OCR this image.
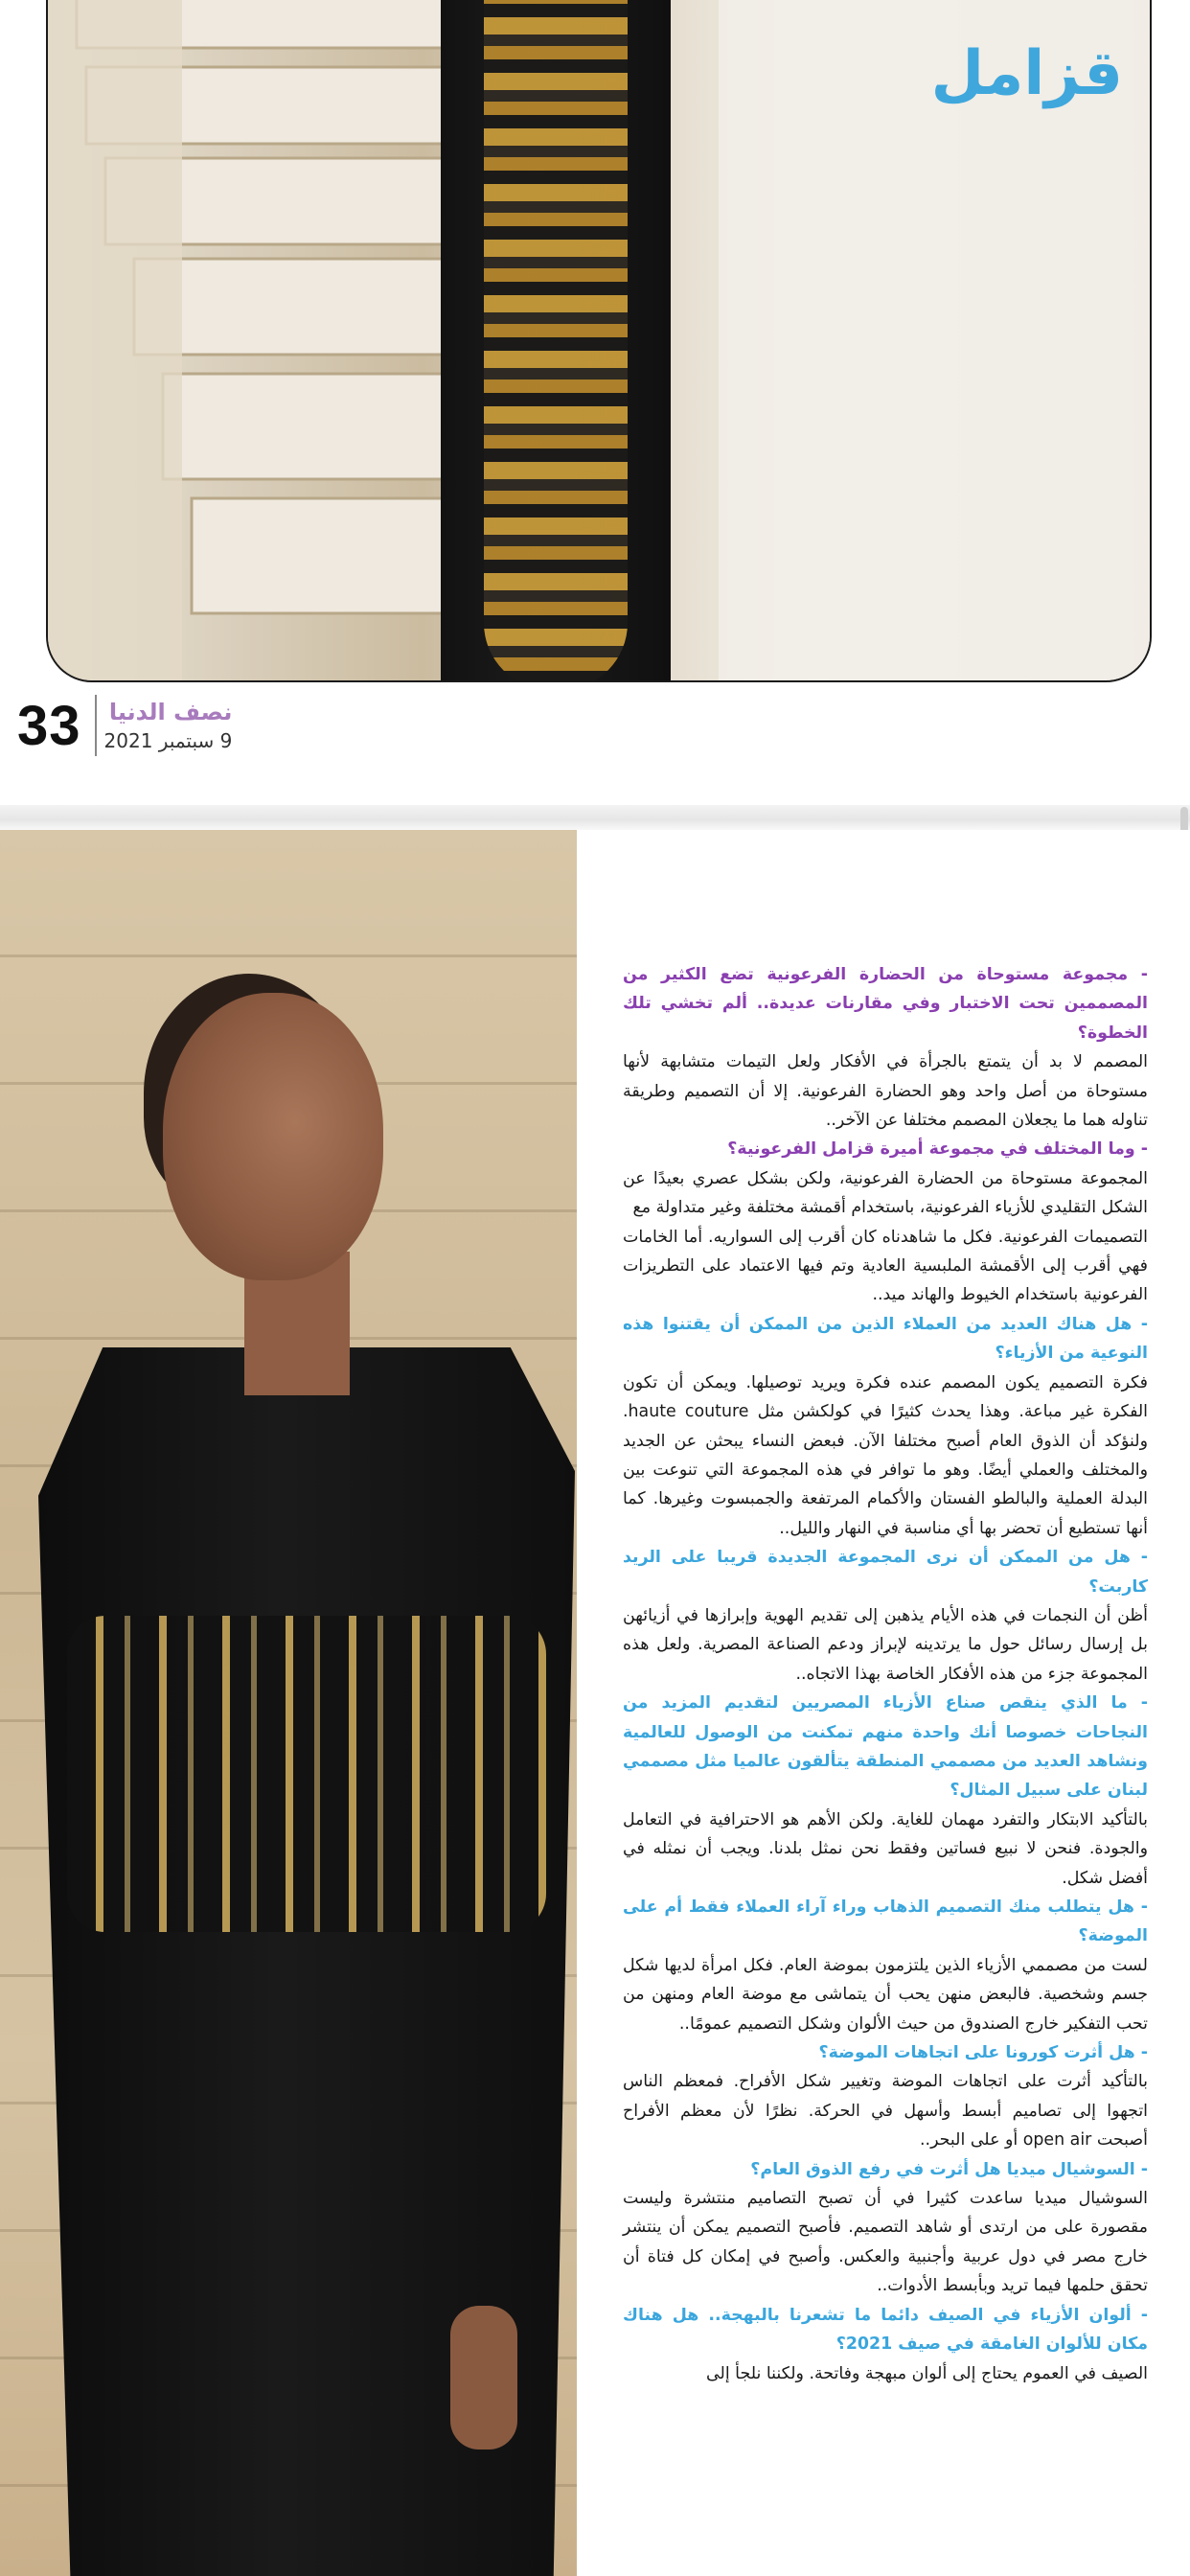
قزامل
33 نصف الدنيا
9 سبتمبر 2021

- مجموعة مستوحاة من الحضارة الفرعونية تضع الكثير من المصممين تحت الاختبار وفي مقارنات عديدة.. ألم تخشي تلك الخطوة؟

المصمم لا بد أن يتمتع بالجرأة في الأفكار ولعل التيمات متشابهة لأنها مستوحاة من أصل واحد وهو الحضارة الفرعونية. إلا أن التصميم وطريقة تناوله هما ما يجعلان المصمم مختلفا عن الآخر..

- وما المختلف في مجموعة أميرة قزامل الفرعونية؟

المجموعة مستوحاة من الحضارة الفرعونية، ولكن بشكل عصري بعيدًا عن الشكل التقليدي للأزياء الفرعونية، باستخدام أقمشة مختلفة وغير متداولة مع

التصميمات الفرعونية. فكل ما شاهدناه كان أقرب إلى السواريه. أما الخامات فهي أقرب إلى الأقمشة الملبسية العادية وتم فيها الاعتماد على التطريزات الفرعونية باستخدام الخيوط والهاند ميد..

- هل هناك العديد من العملاء الذين من الممكن أن يقتنوا هذه النوعية من الأزياء؟

فكرة التصميم يكون المصمم عنده فكرة ويريد توصيلها. ويمكن أن تكون الفكرة غير مباعة. وهذا يحدث كثيرًا في كولكشن مثل haute couture. ولنؤكد أن الذوق العام أصبح مختلفا الآن. فبعض النساء يبحثن عن الجديد والمختلف والعملي أيضًا. وهو ما توافر في هذه المجموعة التي تنوعت بين البدلة العملية والبالطو الفستان والأكمام المرتفعة والجمبسوت وغيرها. كما أنها تستطيع أن تحضر بها أي مناسبة في النهار والليل..

- هل من الممكن أن نرى المجموعة الجديدة قريبا على الريد كاربت؟

أظن أن النجمات في هذه الأيام يذهبن إلى تقديم الهوية وإبرازها في أزيائهن بل إرسال رسائل حول ما يرتدينه لإبراز ودعم الصناعة المصرية. ولعل هذه المجموعة جزء من هذه الأفكار الخاصة بهذا الاتجاه..

- ما الذي ينقص صناع الأزياء المصريين لتقديم المزيد من النجاحات خصوصا أنك واحدة منهم تمكنت من الوصول للعالمية ونشاهد العديد من مصممي المنطقة يتألقون عالميا مثل مصممي لبنان على سبيل المثال؟

بالتأكيد الابتكار والتفرد مهمان للغاية. ولكن الأهم هو الاحترافية في التعامل والجودة. فنحن لا نبيع فساتين وفقط نحن نمثل بلدنا. ويجب أن نمثله في أفضل شكل.

- هل يتطلب منك التصميم الذهاب وراء آراء العملاء فقط أم على الموضة؟

لست من مصممي الأزياء الذين يلتزمون بموضة العام. فكل امرأة لديها شكل جسم وشخصية. فالبعض منهن يحب أن يتماشى مع موضة العام ومنهن من تحب التفكير خارج الصندوق من حيث الألوان وشكل التصميم عمومًا..

- هل أثرت كورونا على اتجاهات الموضة؟

بالتأكيد أثرت على اتجاهات الموضة وتغيير شكل الأفراح. فمعظم الناس اتجهوا إلى تصاميم أبسط وأسهل في الحركة. نظرًا لأن معظم الأفراح أصبحت open air أو على البحر..

- السوشيال ميديا هل أثرت في رفع الذوق العام؟

السوشيال ميديا ساعدت كثيرا في أن تصبح التصاميم منتشرة وليست مقصورة على من ارتدى أو شاهد التصميم. فأصبح التصميم يمكن أن ينتشر خارج مصر في دول عربية وأجنبية والعكس. وأصبح في إمكان كل فتاة أن تحقق حلمها فيما تريد وبأبسط الأدوات..

- ألوان الأزياء في الصيف دائما ما تشعرنا بالبهجة.. هل هناك مكان للألوان الغامقة في صيف 2021؟

الصيف في العموم يحتاج إلى ألوان مبهجة وفاتحة. ولكننا نلجأ إلى
